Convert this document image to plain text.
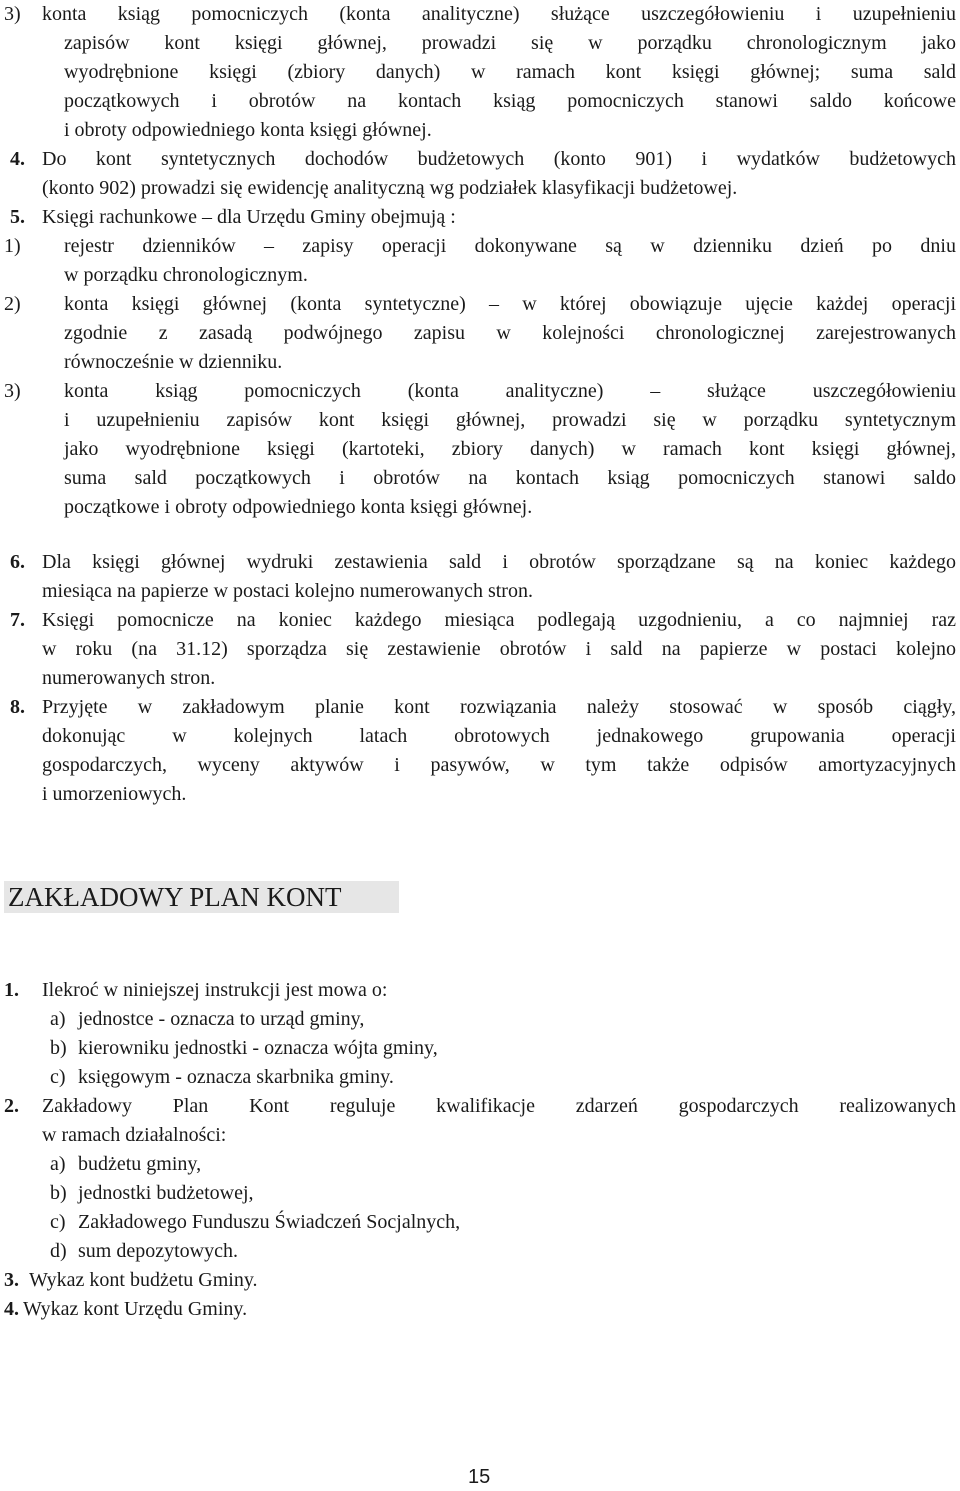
3) konta ksiąg pomocniczych (konta analityczne) służące uszczegółowieniu i uzupełnieniu
zapisów kont księgi głównej, prowadzi się w porządku chronologicznym jako
wyodrębnione księgi (zbiory danych) w ramach kont księgi głównej; suma sald
początkowych i obrotów na kontach ksiąg pomocniczych stanowi saldo końcowe
i obroty odpowiedniego konta księgi głównej.
4. Do kont syntetycznych dochodów budżetowych (konto 901) i wydatków budżetowych
(konto 902) prowadzi się ewidencję analityczną wg podziałek klasyfikacji budżetowej.
5. Księgi rachunkowe – dla Urzędu Gminy obejmują :
1) rejestr dzienników – zapisy operacji dokonywane są w dzienniku dzień po dniu
w porządku chronologicznym.
2) konta księgi głównej (konta syntetyczne) – w której obowiązuje ujęcie każdej operacji
zgodnie z zasadą podwójnego zapisu w kolejności chronologicznej zarejestrowanych
równocześnie w dzienniku.
3) konta ksiąg pomocniczych (konta analityczne) – służące uszczegółowieniu
i uzupełnieniu zapisów kont księgi głównej, prowadzi się w porządku syntetycznym
jako wyodrębnione księgi (kartoteki, zbiory danych) w ramach kont księgi głównej,
suma sald początkowych i obrotów na kontach ksiąg pomocniczych stanowi saldo
początkowe i obroty odpowiedniego konta księgi głównej.
6. Dla księgi głównej wydruki zestawienia sald i obrotów sporządzane są na koniec każdego
miesiąca na papierze w postaci kolejno numerowanych stron.
7. Księgi pomocnicze na koniec każdego miesiąca podlegają uzgodnieniu, a co najmniej raz
w roku (na 31.12) sporządza się zestawienie obrotów i sald na papierze w postaci kolejno
numerowanych stron.
8. Przyjęte w zakładowym planie kont rozwiązania należy stosować w sposób ciągły,
dokonując w kolejnych latach obrotowych jednakowego grupowania operacji
gospodarczych, wyceny aktywów i pasywów, w tym także odpisów amortyzacyjnych
i umorzeniowych.
ZAKŁADOWY PLAN KONT
1. Ilekroć w niniejszej instrukcji jest mowa o:
a) jednostce - oznacza to urząd gminy,
b) kierowniku jednostki - oznacza wójta gminy,
c) księgowym - oznacza skarbnika gminy.
2. Zakładowy Plan Kont reguluje kwalifikacje zdarzeń gospodarczych realizowanych
w ramach działalności:
a) budżetu gminy,
b) jednostki budżetowej,
c) Zakładowego Funduszu Świadczeń Socjalnych,
d) sum depozytowych.
3. Wykaz kont budżetu Gminy.
4. Wykaz kont Urzędu Gminy.
15
